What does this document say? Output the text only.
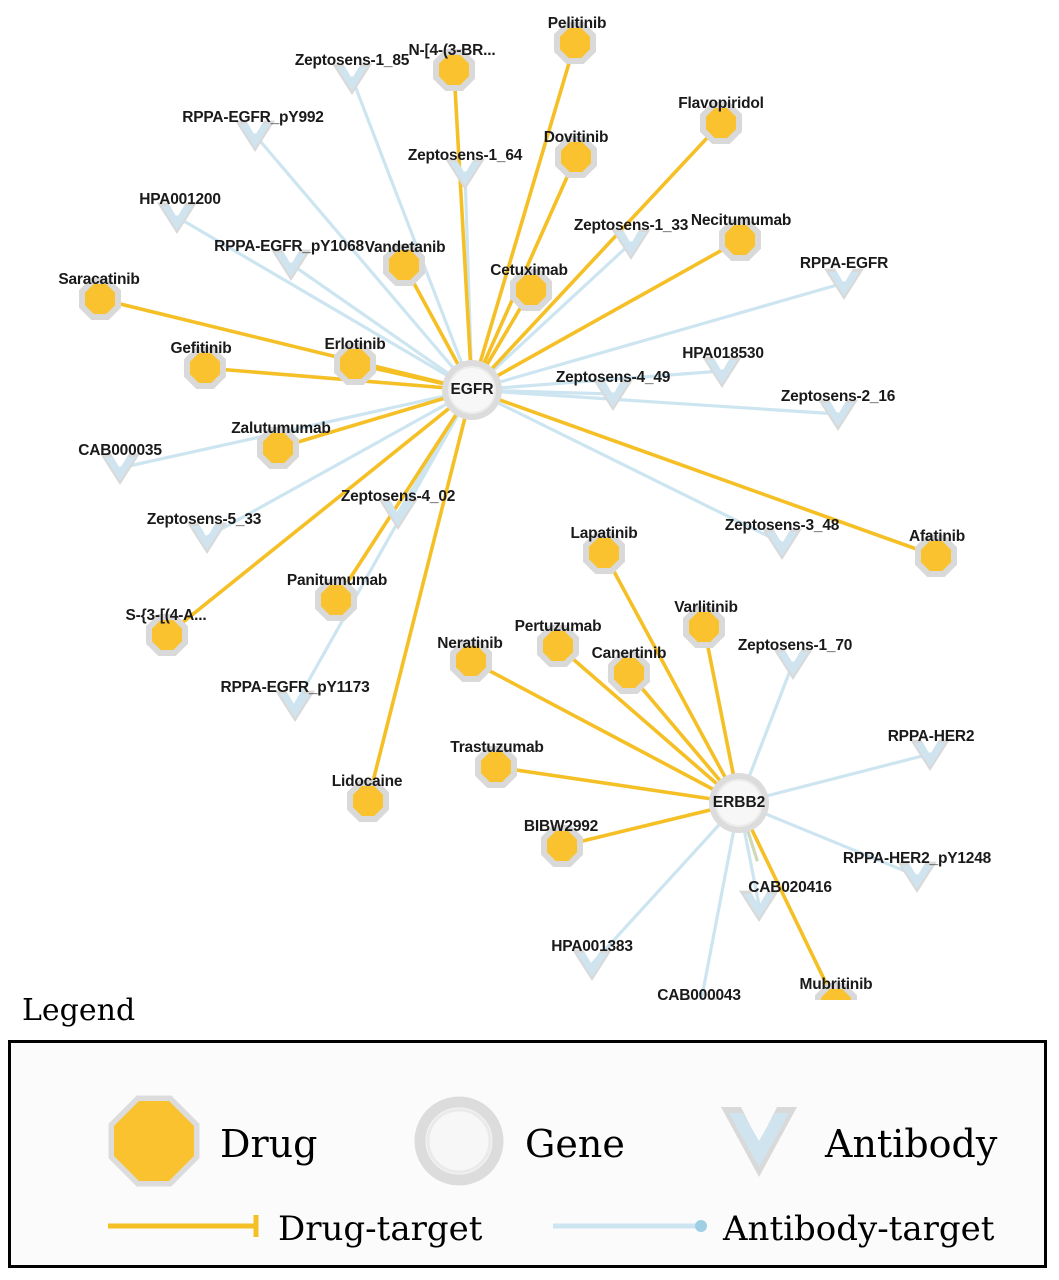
Pelitinib
N-[4-(3-BR...
Flavopiridol
Dovitinib
Necitumumab
Vandetanib
Cetuximab
Saracatinib
Erlotinib
Gefitinib
Zalutumumab
Afatinib
Lapatinib
Varlitinib
Panitumumab
S-{3-[(4-A...
Pertuzumab
Neratinib
Canertinib
Trastuzumab
Lidocaine
BIBW2992
Mubritinib
Zeptosens-1_85
RPPA-EGFR_pY992
Zeptosens-1_64
HPA001200
Zeptosens-1_33
RPPA-EGFR_pY1068
RPPA-EGFR
HPA018530
Zeptosens-4_49
Zeptosens-2_16
CAB000035
Zeptosens-4_02
Zeptosens-5_33	Zeptosens-3_48
Zeptosens-1_70
RPPA-EGFR_pY1173
RPPA-HER2
RPPA-HER2_pY1248
CAB020416
HPA001383
CAB000043
EGFR
ERBB2
Legend
Drug	Gene	Antibody
Drug-target	Antibody-target
